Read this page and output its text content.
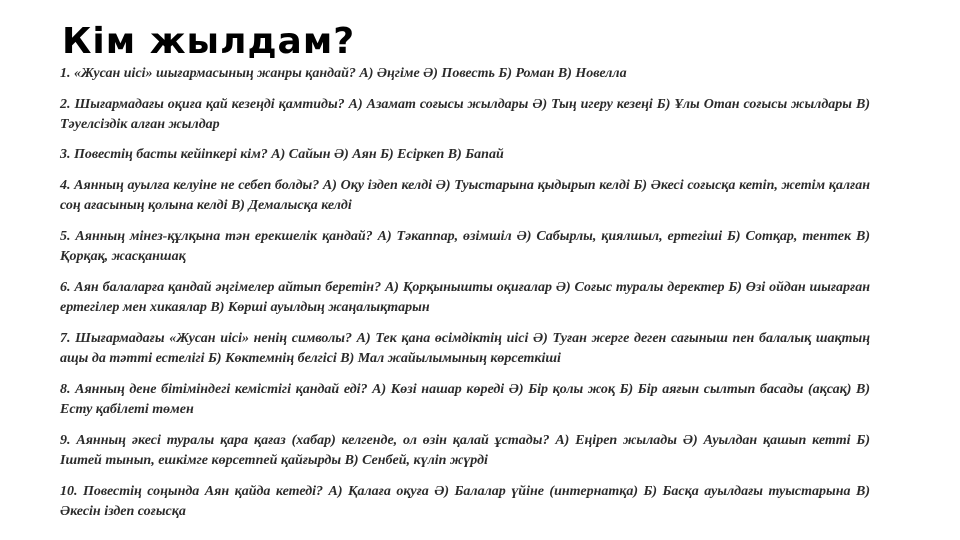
Кім жылдам?
1. «Жусан иісі» шығармасының жанры қандай? А) Әңгіме Ә) Повесть Б) Роман В) Новелла
2. Шығармадағы оқиға қай кезеңді қамтиды? А) Азамат соғысы жылдары Ә) Тың игеру кезеңі Б) Ұлы Отан соғысы жылдары В) Тәуелсіздік алған жылдар
3. Повестің басты кейіпкері кім? А) Сайын Ә) Аян Б) Есіркеп В) Бапай
4. Аянның ауылға келуіне не себеп болды? А) Оқу іздеп келді Ә) Туыстарына қыдырып келді Б) Әкесі соғысқа кетіп, жетім қалған соң ағасының қолына келді В) Демалысқа келді
5. Аянның мінез-құлқына тән ерекшелік қандай? А) Тәкаппар, өзімшіл Ә) Сабырлы, қиялшыл, ертегіші Б) Сотқар, тентек В) Қорқақ, жасқаншақ
6. Аян балаларға қандай әңгімелер айтып беретін? А) Қорқынышты оқиғалар Ә) Соғыс туралы деректер Б) Өзі ойдан шығарған ертегілер мен хикаялар В) Көрші ауылдың жаңалықтарын
7. Шығармадағы «Жусан иісі» ненің символы? А) Тек қана өсімдіктің иісі Ә) Туған жерге деген сағыныш пен балалық шақтың ащы да тәтті естелігі Б) Көктемнің белгісі В) Мал жайылымының көрсеткіші
8. Аянның дене бітіміндегі кемістігі қандай еді? А) Көзі нашар көреді Ә) Бір қолы жоқ Б) Бір аяғын сылтып басады (ақсақ) В) Есту қабілеті төмен
9. Аянның әкесі туралы қара қағаз (хабар) келгенде, ол өзін қалай ұстады? А) Еңіреп жылады Ә) Ауылдан қашып кетті Б) Іштей тынып, ешкімге көрсетпей қайғырды В) Сенбей, күліп жүрді
10. Повестің соңында Аян қайда кетеді? А) Қалаға оқуға Ә) Балалар үйіне (интернатқа) Б) Басқа ауылдағы туыстарына В) Әкесін іздеп соғысқа
